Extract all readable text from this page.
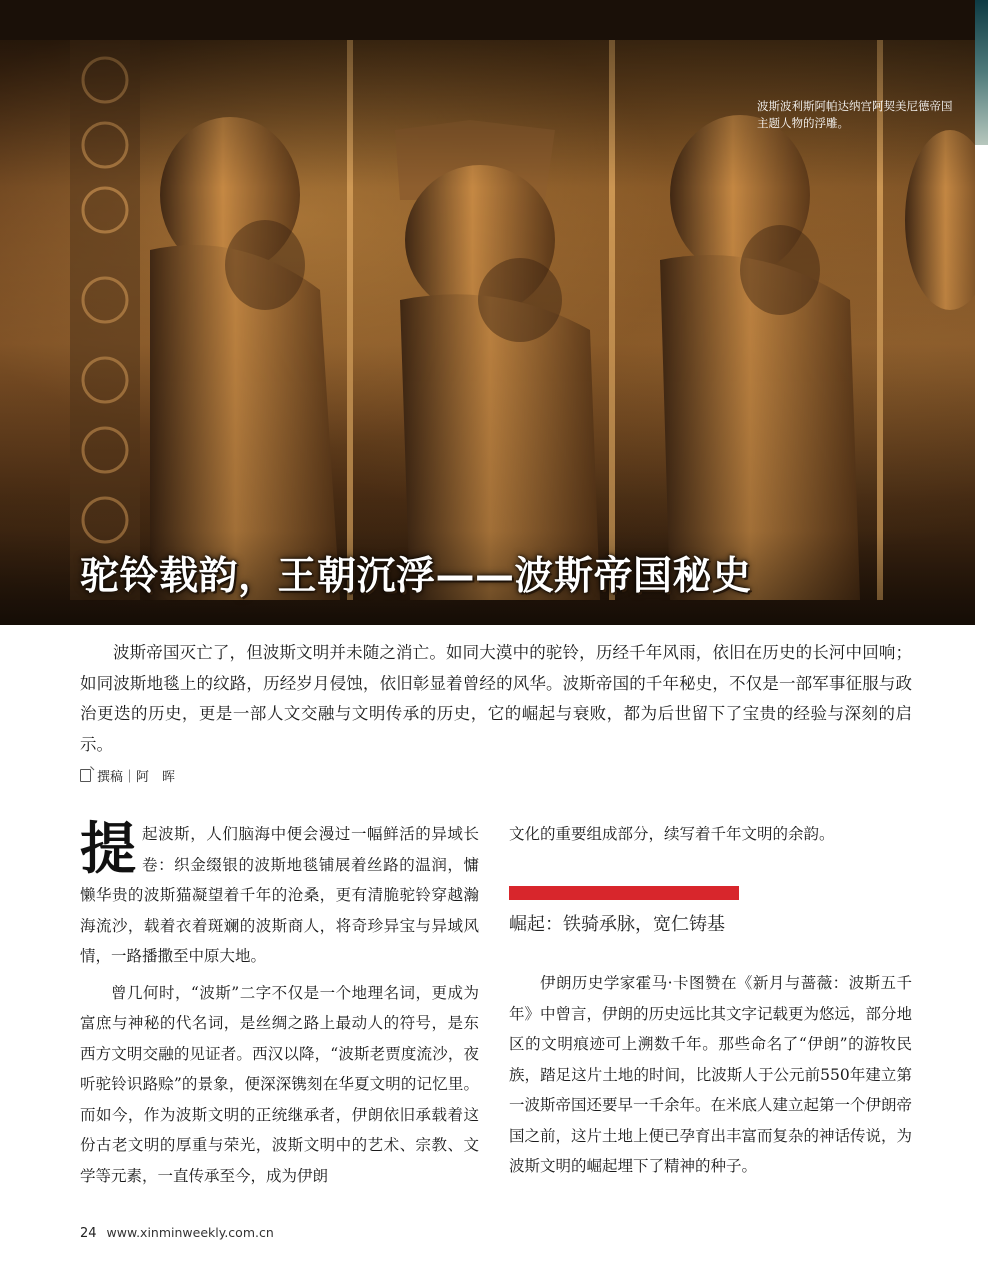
波斯波利斯阿帕达纳宫阿契美尼德帝国主题人物的浮雕。
驼铃载韵，王朝沉浮——波斯帝国秘史

波斯帝国灭亡了，但波斯文明并未随之消亡。如同大漠中的驼铃，历经千年风雨，依旧在历史的长河中回响；如同波斯地毯上的纹路，历经岁月侵蚀，依旧彰显着曾经的风华。波斯帝国的千年秘史，不仅是一部军事征服与政治更迭的历史，更是一部人文交融与文明传承的历史，它的崛起与衰败，都为后世留下了宝贵的经验与深刻的启示。

撰稿｜阿　晖

提起波斯，人们脑海中便会漫过一幅鲜活的异域长卷：织金缀银的波斯地毯铺展着丝路的温润，慵懒华贵的波斯猫凝望着千年的沧桑，更有清脆驼铃穿越瀚海流沙，载着衣着斑斓的波斯商人，将奇珍异宝与异域风情，一路播撒至中原大地。

曾几何时，“波斯”二字不仅是一个地理名词，更成为富庶与神秘的代名词，是丝绸之路上最动人的符号，是东西方文明交融的见证者。西汉以降，“波斯老贾度流沙，夜听驼铃识路赊”的景象，便深深镌刻在华夏文明的记忆里。而如今，作为波斯文明的正统继承者，伊朗依旧承载着这份古老文明的厚重与荣光，波斯文明中的艺术、宗教、文学等元素，一直传承至今，成为伊朗

文化的重要组成部分，续写着千年文明的余韵。

崛起：铁骑承脉，宽仁铸基

伊朗历史学家霍马·卡图赞在《新月与蔷薇：波斯五千年》中曾言，伊朗的历史远比其文字记载更为悠远，部分地区的文明痕迹可上溯数千年。那些命名了“伊朗”的游牧民族，踏足这片土地的时间，比波斯人于公元前550年建立第一波斯帝国还要早一千余年。在米底人建立起第一个伊朗帝国之前，这片土地上便已孕育出丰富而复杂的神话传说，为波斯文明的崛起埋下了精神的种子。

24 www.xinminweekly.com.cn
